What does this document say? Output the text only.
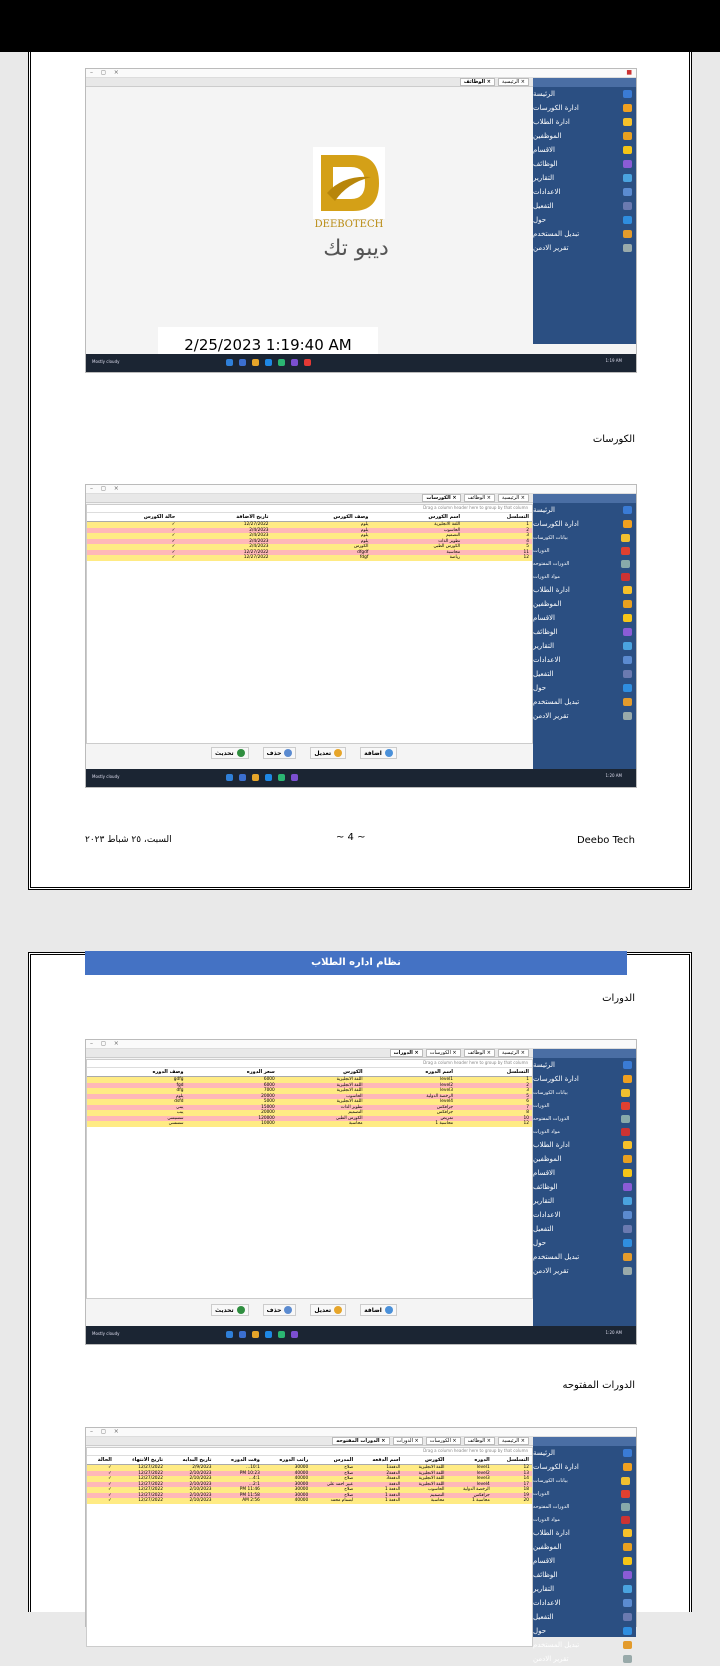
– ◻ ×	■
الرئيسية ×
الوظائف ×
الرئيسة
ادارة الكورسات
ادارة الطلاب
الموظفين
الاقسام
الوظائف
التقارير
الاعدادات
التفعيل
حول
تبديل المستخدم
تقرير الادمن
DEEBOTECH
ديبو تك
2/25/2023 1:19:40 AM
Mostly cloudy	1:19 AM
الكورسات
– ◻ ×
الرئيسية ×
الوظائف ×
الكورسات ×
الرئيسة
ادارة الكورسات
بيانات الكورسات
الدورات
الدورات المفتوحه
مواد الدورات
ادارة الطلاب
الموظفين
الاقسام
الوظائف
التقارير
الاعدادات
التفعيل
حول
تبديل المستخدم
تقرير الادمن
Drag a column header here to group by that column
التسلسل	اسم الكورس	وصف الكورس	تاريخ الاضافة	حالة الكورس
1	اللغة الانجليزية	يلوم	12/27/2022	✓
2	الحاسوب	يلوم	2/4/2023	✓
3	التصميم	يلوم	2/4/2023	✓
4	تطوير الذات	يلوم	2/4/2023	✓
5	الكورس الطبي	الكورس	2/4/2023	✓
11	محاسبة	dfgdf	12/27/2022	✓
12	رياضة	fdgf	12/27/2022	✓
اضافة
تعديل
حذف
تحديث
Mostly cloudy	1:20 AM
Deebo Tech
~ 4 ~
السبت، ٢٥ شباط ٢٠٢٣
نظام اداره الطلاب
الدورات
– ◻ ×
الرئيسية ×
الوظائف ×
الكورسات ×
الدورات ×
الرئيسة
ادارة الكورسات
بيانات الكورسات
الدورات
الدورات المفتوحه
مواد الدورات
ادارة الطلاب
الموظفين
الاقسام
الوظائف
التقارير
الاعدادات
التفعيل
حول
تبديل المستخدم
تقرير الادمن
Drag a column header here to group by that column
التسلسل	اسم الدوره	الكورس	سعر الدوره	وصف الدوره
1	level1	اللغة الانجليزية	6000	gdfg
2	level2	اللغة الانجليزية	6000	fgd
3	level3	اللغة الانجليزية	7000	dfg
5	الرخصة الدولية	الحاسوب	20000	يلوم
6	level4	اللغة الانجليزية	5000	dsfd
7	جرافكس	تطوير الذات	15000	يبني
8	جرافكس	التصميم	20000	يبب
10	تمريض	الكورس الطبي	120000	سسيسي
12	محاسبة 1	محاسبة	10000	سسسي
اضافة
تعديل
حذف
تحديث
Mostly cloudy	1:20 AM
الدورات المفتوحه
– ◻ ×
الرئيسية ×
الوظائف ×
الكورسات ×
الدورات ×
الدورات المفتوحه ×
الرئيسة
ادارة الكورسات
بيانات الكورسات
الدورات
الدورات المفتوحه
مواد الدورات
ادارة الطلاب
الموظفين
الاقسام
الوظائف
التقارير
الاعدادات
التفعيل
حول
تبديل المستخدم
تقرير الادمن
Drag a column header here to group by that column
التسلسل	الدوره	الكورس	اسم الدفعه	المدرس	راتب الدوره	وقت الدوره	تاريخ البدايه	تاريخ الانتهاء	الحالة
12	level1	اللغة الانجليزية	الدفعة1	صلاح	30000	10:1...	2/9/2023	12/27/2022	✓
13	level2	اللغة الانجليزية	الدفعة2	صلاح	40000	PM 10:23	2/10/2023	12/27/2022	✓
14	level3	اللغة الانجليزية	الدفعة3	صلاح	40000	4:1...	2/10/2023	12/27/2022	✓
17	level4	اللغة الانجليزية	الدفعة	عبير احمد علي	30000	2:1...	2/10/2023	12/27/2022	✓
18	الرخصة الدولية	الحاسوب	الدفعة 1	صلاح	30000	PM 11:46	2/10/2023	12/27/2022	✓
19	جرافكس	التصميم	الدفعة 1	صلاح	30000	PM 11:58	2/10/2023	12/27/2022	✓
20	محاسبة 1	محاسبة	الدفعة 1	ابستام محمد	40000	AM 2:56	2/10/2023	12/27/2022	✓
